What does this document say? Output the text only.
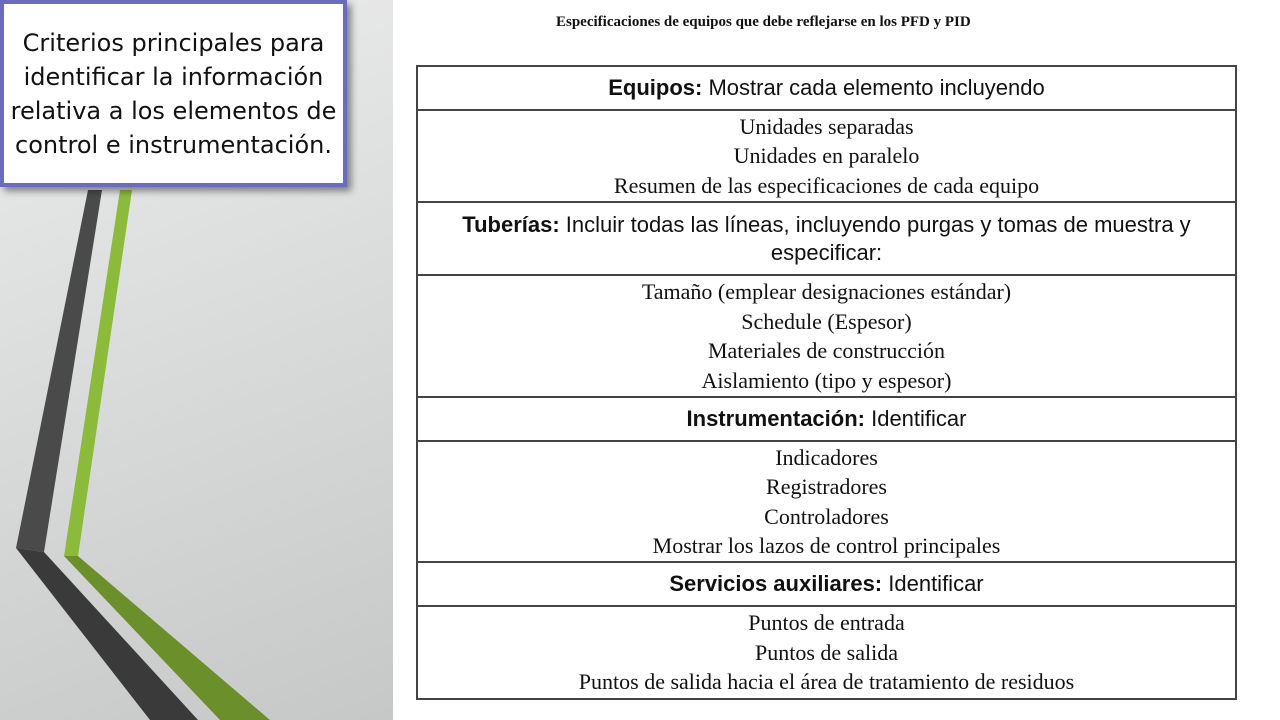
Criterios principales para identificar la información relativa a los elementos de control e instrumentación.
Especificaciones de equipos que debe reflejarse en los PFD y PID
Equipos: Mostrar cada elemento incluyendo

Unidades separadas
Unidades en paralelo
Resumen de las especificaciones de cada equipo

Tuberías: Incluir todas las líneas, incluyendo purgas y tomas de muestra y especificar:

Tamaño (emplear designaciones estándar)
Schedule (Espesor)
Materiales de construcción
Aislamiento (tipo y espesor)

Instrumentación: Identificar

Indicadores
Registradores
Controladores
Mostrar los lazos de control principales

Servicios auxiliares: Identificar

Puntos de entrada
Puntos de salida
Puntos de salida hacia el área de tratamiento de residuos
